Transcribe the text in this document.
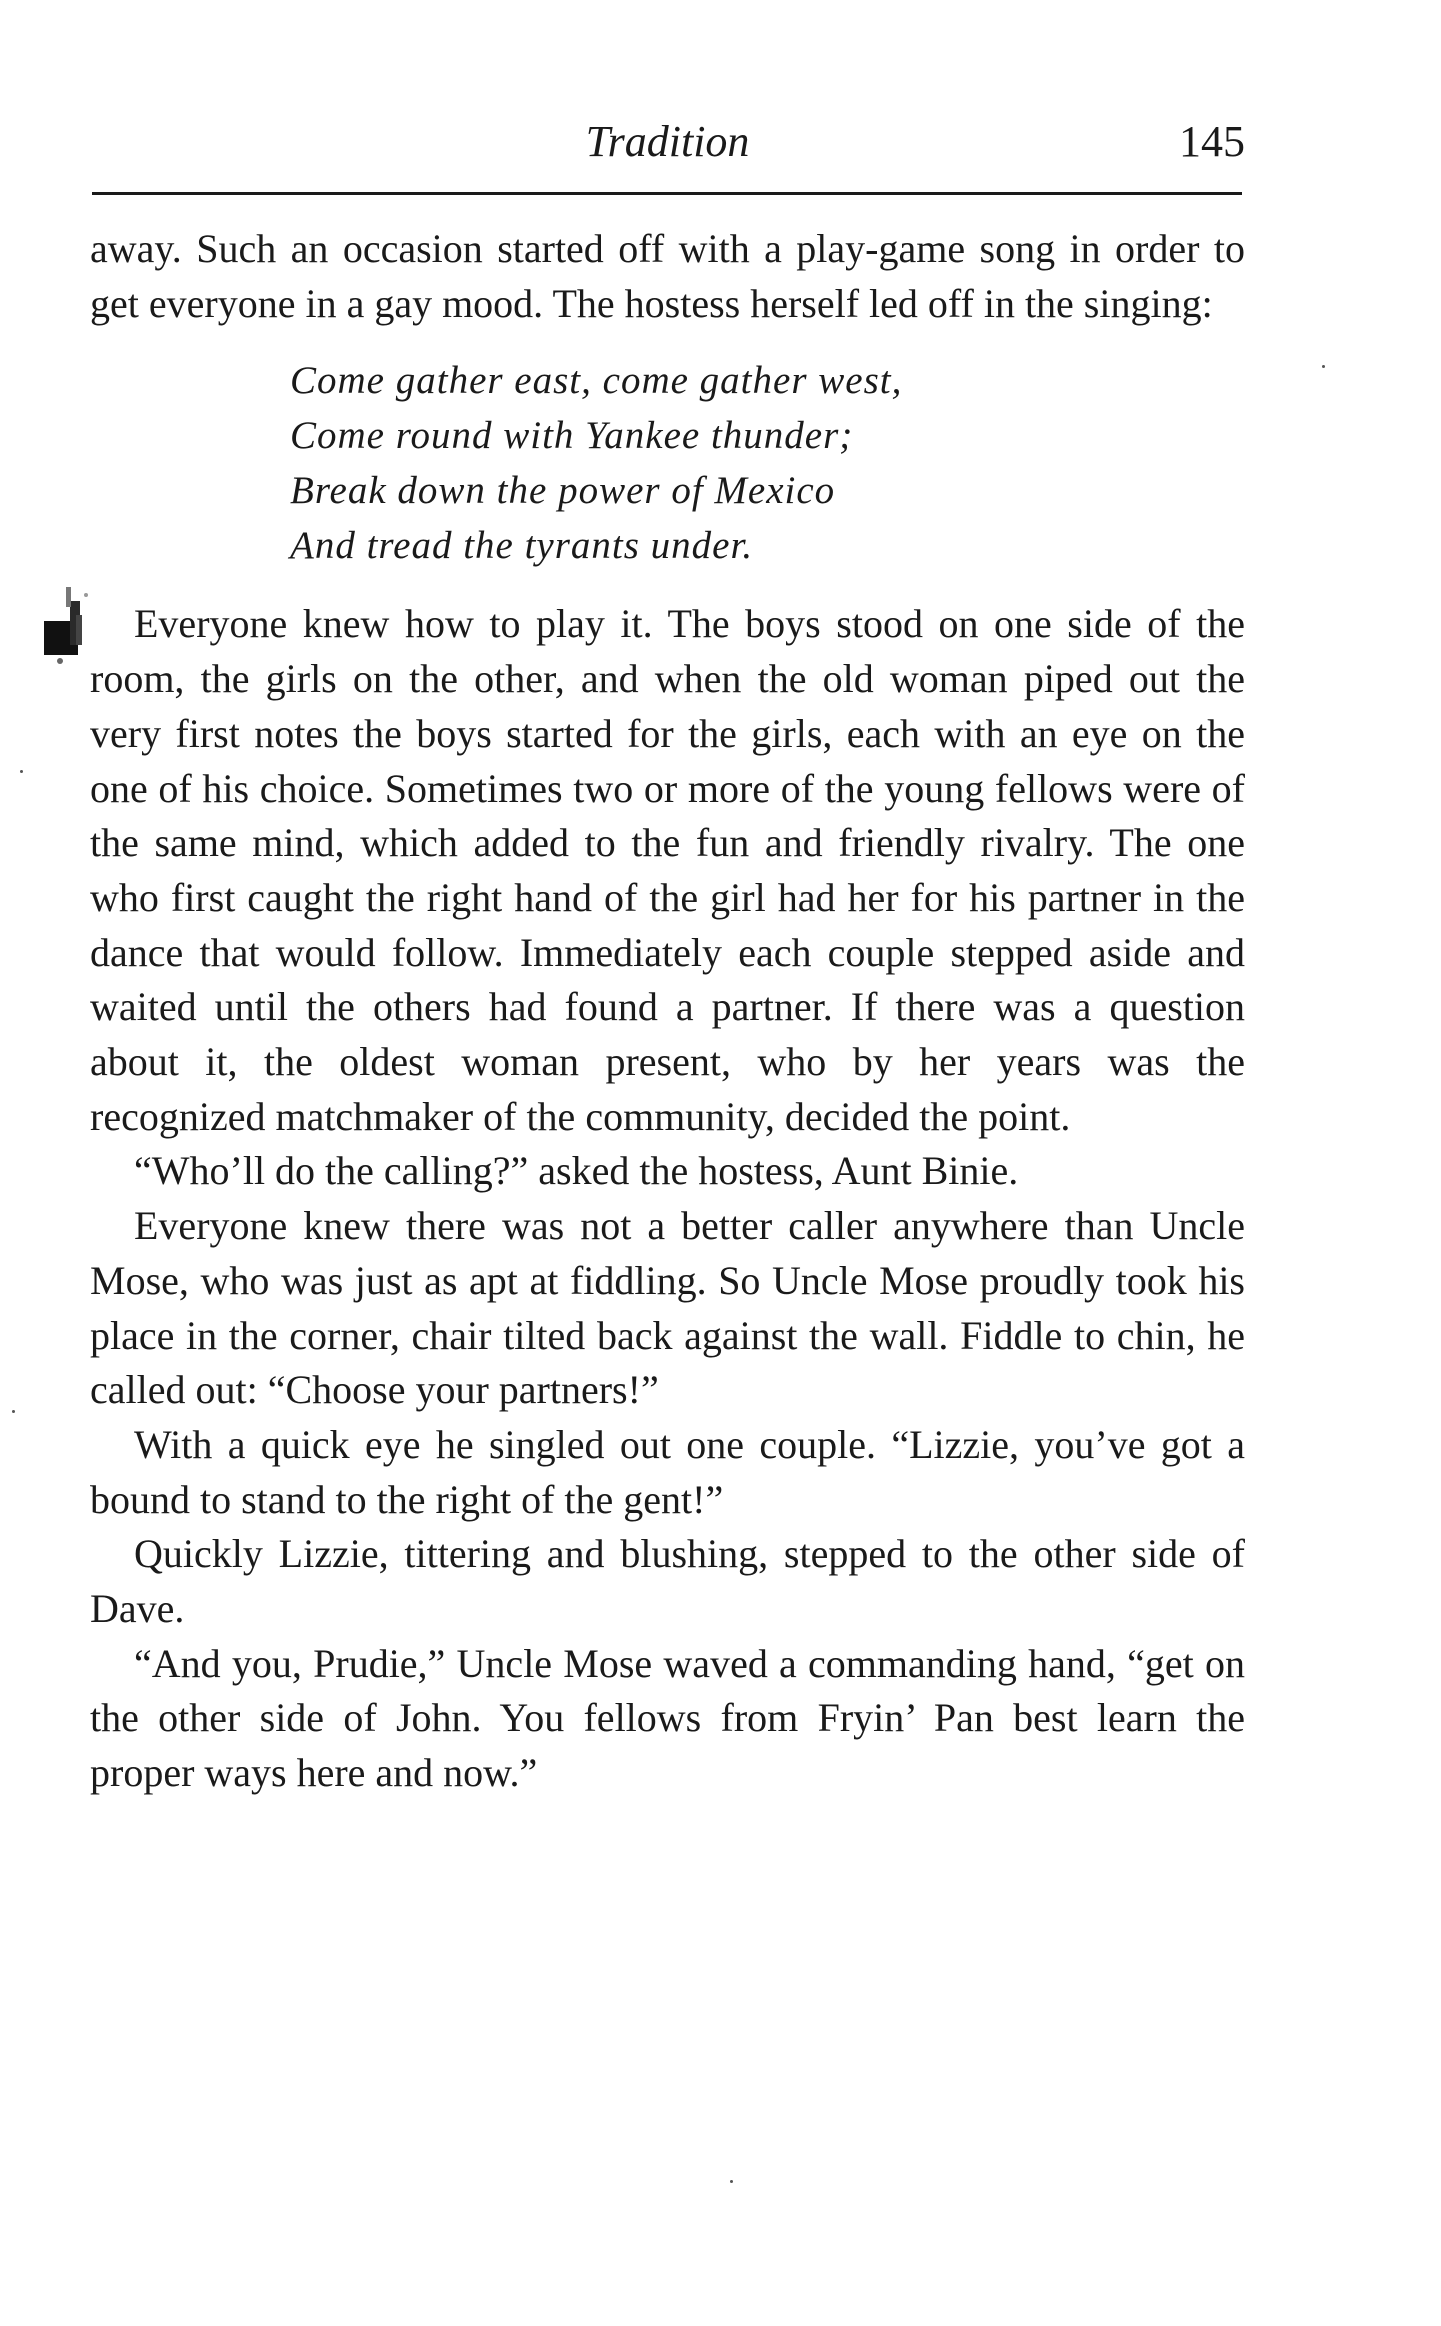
Tradition	145

away. Such an occasion started off with a play-game song in order to get everyone in a gay mood. The hostess herself led off in the singing:

Come gather east, come gather west,
Come round with Yankee thunder;
Break down the power of Mexico
And tread the tyrants under.

Everyone knew how to play it. The boys stood on one side of the room, the girls on the other, and when the old woman piped out the very first notes the boys started for the girls, each with an eye on the one of his choice. Sometimes two or more of the young fellows were of the same mind, which added to the fun and friendly rivalry. The one who first caught the right hand of the girl had her for his partner in the dance that would follow. Immediately each couple stepped aside and waited until the others had found a partner. If there was a question about it, the oldest woman present, who by her years was the recognized matchmaker of the community, decided the point.

“Who’ll do the calling?” asked the hostess, Aunt Binie.

Everyone knew there was not a better caller anywhere than Uncle Mose, who was just as apt at fiddling. So Uncle Mose proudly took his place in the corner, chair tilted back against the wall. Fiddle to chin, he called out: “Choose your partners!”

With a quick eye he singled out one couple. “Lizzie, you’ve got a bound to stand to the right of the gent!”

Quickly Lizzie, tittering and blushing, stepped to the other side of Dave.

“And you, Prudie,” Uncle Mose waved a commanding hand, “get on the other side of John. You fellows from Fryin’ Pan best learn the proper ways here and now.”
